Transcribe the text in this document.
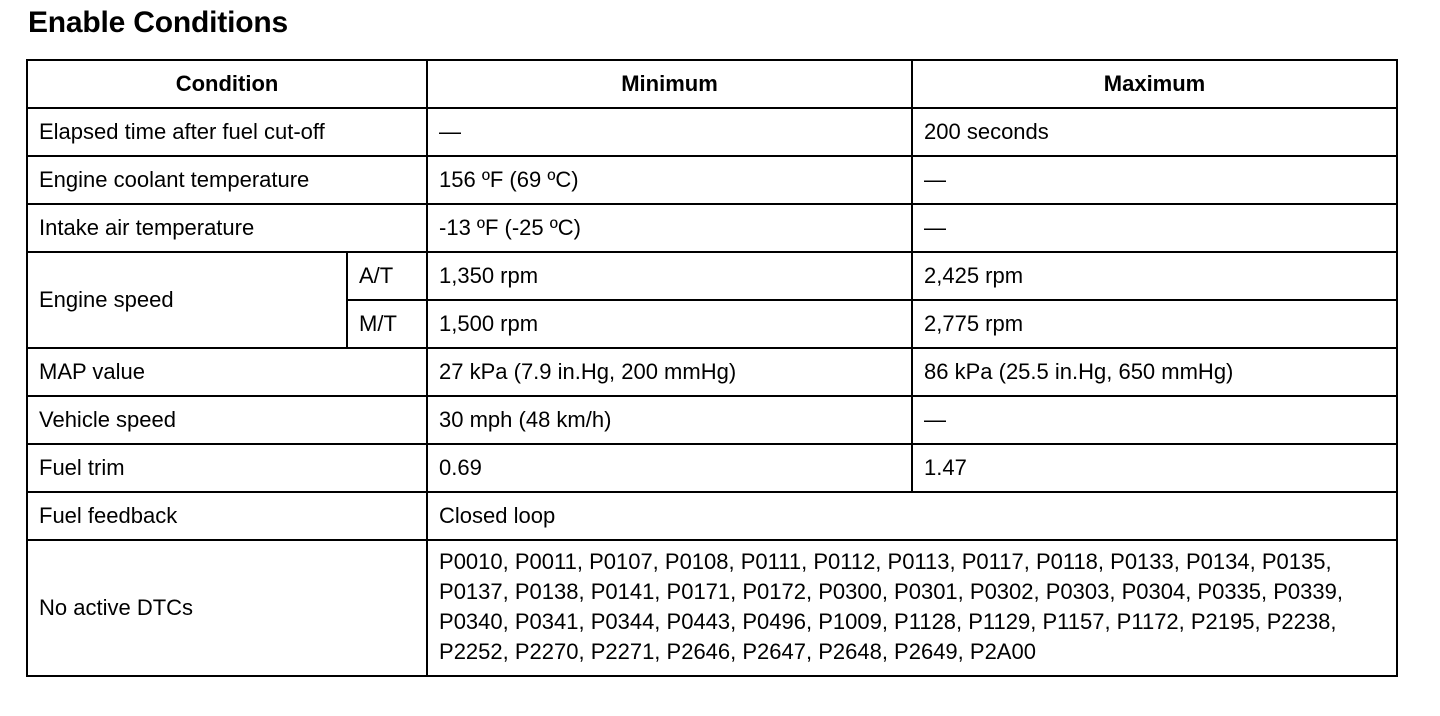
Enable Conditions
Condition		Minimum	Maximum
Elapsed time after fuel cut-off		—	200 seconds
Engine coolant temperature		156 ºF (69 ºC)	—
Intake air temperature		-13 ºF (-25 ºC)	—
Engine speed	A/T	1,350 rpm	2,425 rpm
	M/T	1,500 rpm	2,775 rpm
MAP value		27 kPa (7.9 in.Hg, 200 mmHg)	86 kPa (25.5 in.Hg, 650 mmHg)
Vehicle speed		30 mph (48 km/h)	—
Fuel trim		0.69	1.47
Fuel feedback		Closed loop	
No active DTCs		P0010, P0011, P0107, P0108, P0111, P0112, P0113, P0117, P0118, P0133, P0134, P0135, P0137, P0138, P0141, P0171, P0172, P0300, P0301, P0302, P0303, P0304, P0335, P0339, P0340, P0341, P0344, P0443, P0496, P1009, P1128, P1129, P1157, P1172, P2195, P2238, P2252, P2270, P2271, P2646, P2647, P2648, P2649, P2A00	
